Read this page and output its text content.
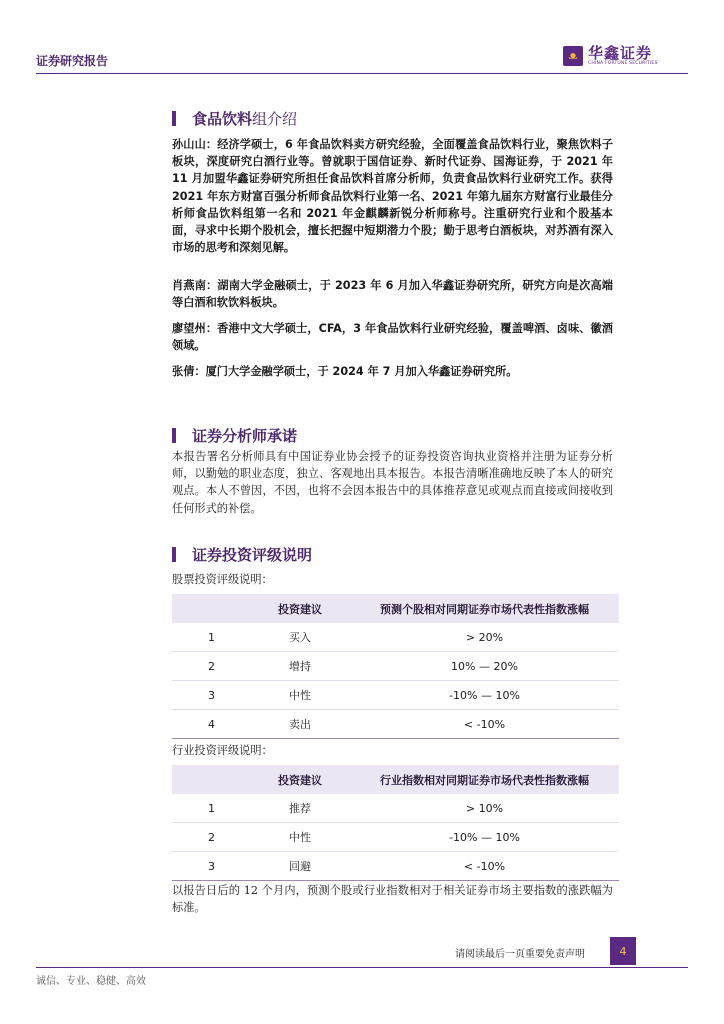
证券研究报告	ᴥ 华鑫证券
CHINA FORTUNE SECURITIES
食品饮料 组介绍
孙山山：经济学硕士，6 年食品饮料卖方研究经验，全面覆盖食品饮料行业，聚焦饮料子板块，深度研究白酒行业等。曾就职于国信证券、新时代证券、国海证券，于 2021 年 11 月加盟华鑫证券研究所担任食品饮料首席分析师，负责食品饮料行业研究工作。获得 2021 年东方财富百强分析师食品饮料行业第一名、2021 年第九届东方财富行业最佳分析师食品饮料组第一名和 2021 年金麒麟新锐分析师称号。注重研究行业和个股基本面，寻求中长期个股机会，擅长把握中短期潜力个股；勤于思考白酒板块，对苏酒有深入市场的思考和深刻见解。
肖燕南：湖南大学金融硕士，于 2023 年 6 月加入华鑫证券研究所，研究方向是次高端等白酒和软饮料板块。
廖望州：香港中文大学硕士，CFA，3 年食品饮料行业研究经验，覆盖啤酒、卤味、徽酒领域。
张倩：厦门大学金融学硕士，于 2024 年 7 月加入华鑫证券研究所。
证券分析师承诺
本报告署名分析师具有中国证券业协会授予的证券投资咨询执业资格并注册为证券分析师，以勤勉的职业态度，独立、客观地出具本报告。本报告清晰准确地反映了本人的研究观点。本人不曾因，不因，也将不会因本报告中的具体推荐意见或观点而直接或间接收到任何形式的补偿。
证券投资评级说明
股票投资评级说明：
	投资建议	预测个股相对同期证券市场代表性指数涨幅
1	买入	> 20%
2	增持	10% — 20%
3	中性	-10% — 10%
4	卖出	< -10%
行业投资评级说明：
	投资建议	行业指数相对同期证券市场代表性指数涨幅
1	推荐	> 10%
2	中性	-10% — 10%
3	回避	< -10%
以报告日后的 12 个月内，预测个股或行业指数相对于相关证券市场主要指数的涨跌幅为标准。
请阅读最后一页重要免责声明	4
诚信、专业、稳健、高效
